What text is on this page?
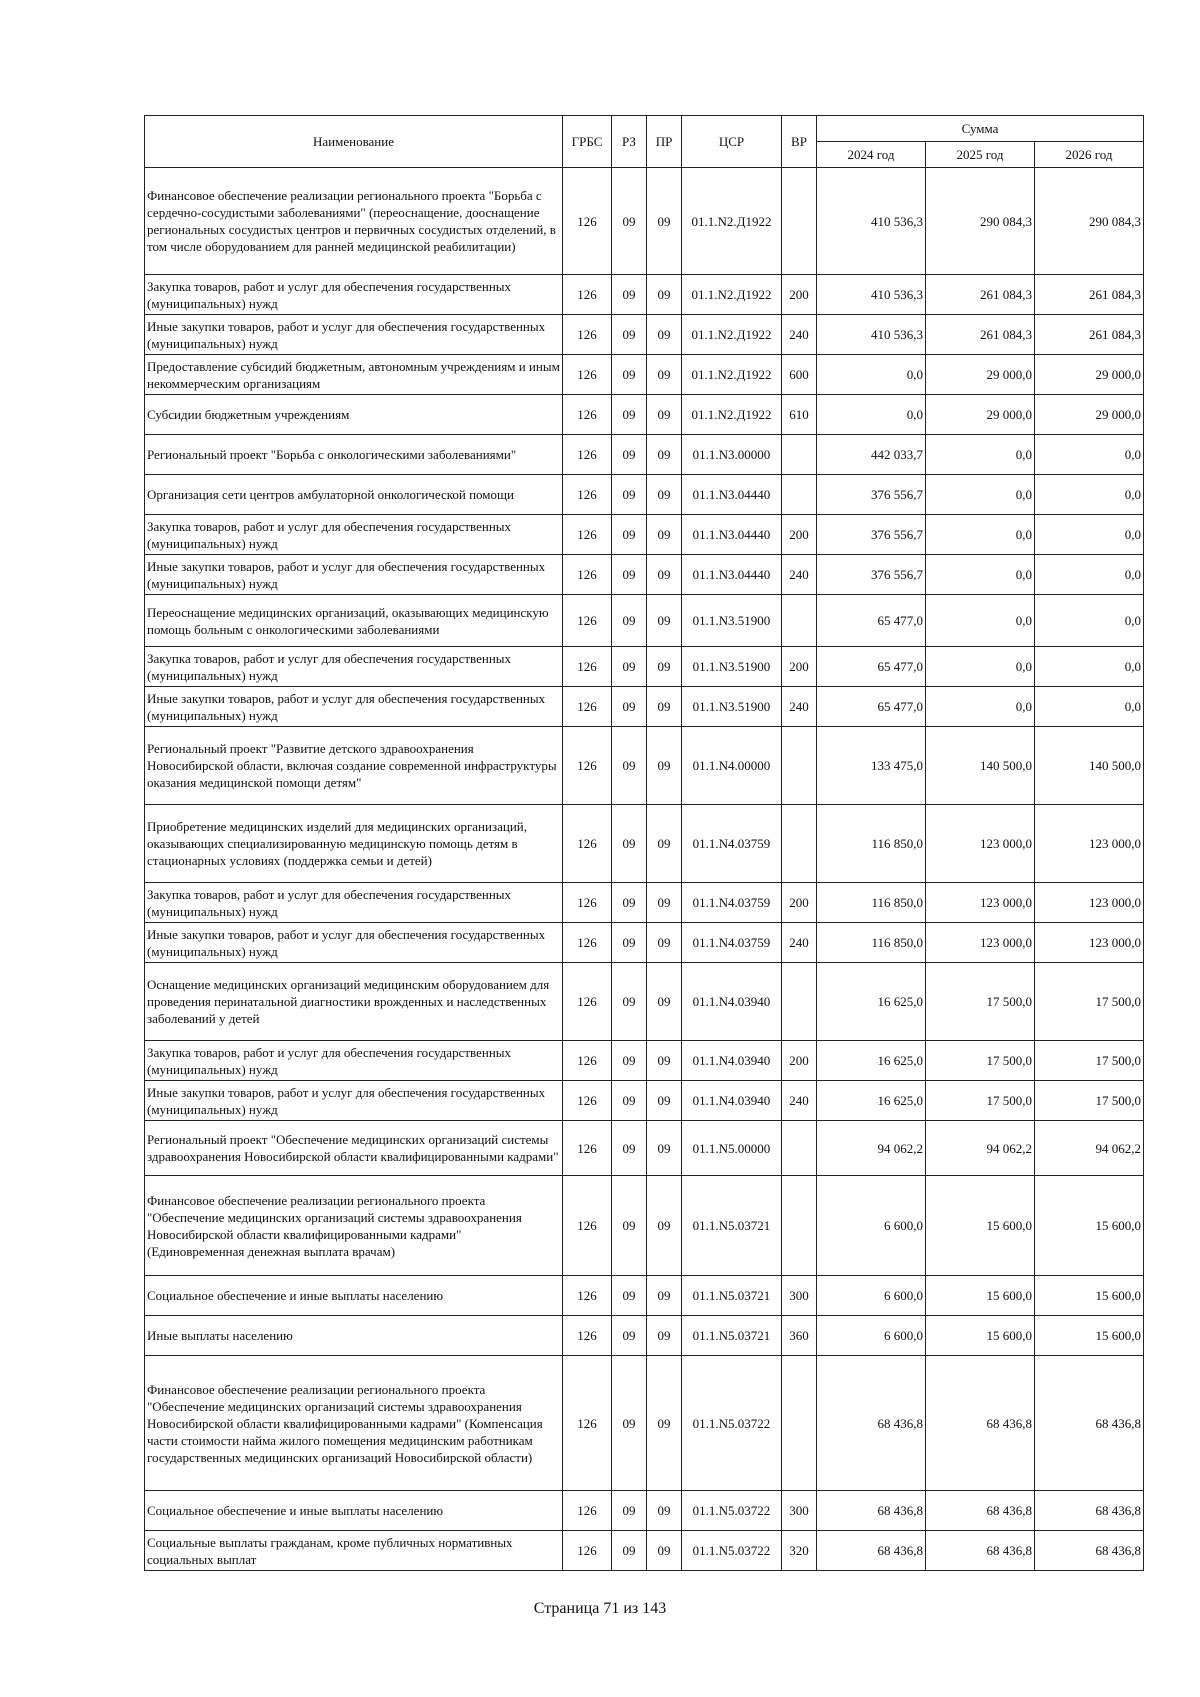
Наименование	ГРБС	РЗ	ПР	ЦСР	ВР	Сумма		
						2024 год	2025 год	2026 год
Финансовое обеспечение реализации регионального проекта "Борьба с сердечно-сосудистыми заболеваниями" (переоснащение, дооснащение региональных сосудистых центров и первичных сосудистых отделений, в том числе оборудованием для ранней медицинской реабилитации)	126	09	09	01.1.N2.Д1922		410 536,3	290 084,3	290 084,3
Закупка товаров, работ и услуг для обеспечения государственных (муниципальных) нужд	126	09	09	01.1.N2.Д1922	200	410 536,3	261 084,3	261 084,3
Иные закупки товаров, работ и услуг для обеспечения государственных (муниципальных) нужд	126	09	09	01.1.N2.Д1922	240	410 536,3	261 084,3	261 084,3
Предоставление субсидий бюджетным, автономным учреждениям и иным некоммерческим организациям	126	09	09	01.1.N2.Д1922	600	0,0	29 000,0	29 000,0
Субсидии бюджетным учреждениям	126	09	09	01.1.N2.Д1922	610	0,0	29 000,0	29 000,0
Региональный проект "Борьба с онкологическими заболеваниями"	126	09	09	01.1.N3.00000		442 033,7	0,0	0,0
Организация сети центров амбулаторной онкологической помощи	126	09	09	01.1.N3.04440		376 556,7	0,0	0,0
Закупка товаров, работ и услуг для обеспечения государственных (муниципальных) нужд	126	09	09	01.1.N3.04440	200	376 556,7	0,0	0,0
Иные закупки товаров, работ и услуг для обеспечения государственных (муниципальных) нужд	126	09	09	01.1.N3.04440	240	376 556,7	0,0	0,0
Переоснащение медицинских организаций, оказывающих медицинскую помощь больным с онкологическими заболеваниями	126	09	09	01.1.N3.51900		65 477,0	0,0	0,0
Закупка товаров, работ и услуг для обеспечения государственных (муниципальных) нужд	126	09	09	01.1.N3.51900	200	65 477,0	0,0	0,0
Иные закупки товаров, работ и услуг для обеспечения государственных (муниципальных) нужд	126	09	09	01.1.N3.51900	240	65 477,0	0,0	0,0
Региональный проект "Развитие детского здравоохранения Новосибирской области, включая создание современной инфраструктуры оказания медицинской помощи детям"	126	09	09	01.1.N4.00000		133 475,0	140 500,0	140 500,0
Приобретение медицинских изделий для медицинских организаций, оказывающих специализированную медицинскую помощь детям в стационарных условиях (поддержка семьи и детей)	126	09	09	01.1.N4.03759		116 850,0	123 000,0	123 000,0
Закупка товаров, работ и услуг для обеспечения государственных (муниципальных) нужд	126	09	09	01.1.N4.03759	200	116 850,0	123 000,0	123 000,0
Иные закупки товаров, работ и услуг для обеспечения государственных (муниципальных) нужд	126	09	09	01.1.N4.03759	240	116 850,0	123 000,0	123 000,0
Оснащение медицинских организаций медицинским оборудованием для проведения перинатальной диагностики врожденных и наследственных заболеваний у детей	126	09	09	01.1.N4.03940		16 625,0	17 500,0	17 500,0
Закупка товаров, работ и услуг для обеспечения государственных (муниципальных) нужд	126	09	09	01.1.N4.03940	200	16 625,0	17 500,0	17 500,0
Иные закупки товаров, работ и услуг для обеспечения государственных (муниципальных) нужд	126	09	09	01.1.N4.03940	240	16 625,0	17 500,0	17 500,0
Региональный проект "Обеспечение медицинских организаций системы здравоохранения Новосибирской области квалифицированными кадрами"	126	09	09	01.1.N5.00000		94 062,2	94 062,2	94 062,2
Финансовое обеспечение реализации регионального проекта "Обеспечение медицинских организаций системы здравоохранения Новосибирской области квалифицированными кадрами" (Единовременная денежная выплата врачам)	126	09	09	01.1.N5.03721		6 600,0	15 600,0	15 600,0
Социальное обеспечение и иные выплаты населению	126	09	09	01.1.N5.03721	300	6 600,0	15 600,0	15 600,0
Иные выплаты населению	126	09	09	01.1.N5.03721	360	6 600,0	15 600,0	15 600,0
Финансовое обеспечение реализации регионального проекта "Обеспечение медицинских организаций системы здравоохранения Новосибирской области квалифицированными кадрами" (Компенсация части стоимости найма жилого помещения медицинским работникам государственных медицинских организаций Новосибирской области)	126	09	09	01.1.N5.03722		68 436,8	68 436,8	68 436,8
Социальное обеспечение и иные выплаты населению	126	09	09	01.1.N5.03722	300	68 436,8	68 436,8	68 436,8
Социальные выплаты гражданам, кроме публичных нормативных социальных выплат	126	09	09	01.1.N5.03722	320	68 436,8	68 436,8	68 436,8
Страница 71 из 143
